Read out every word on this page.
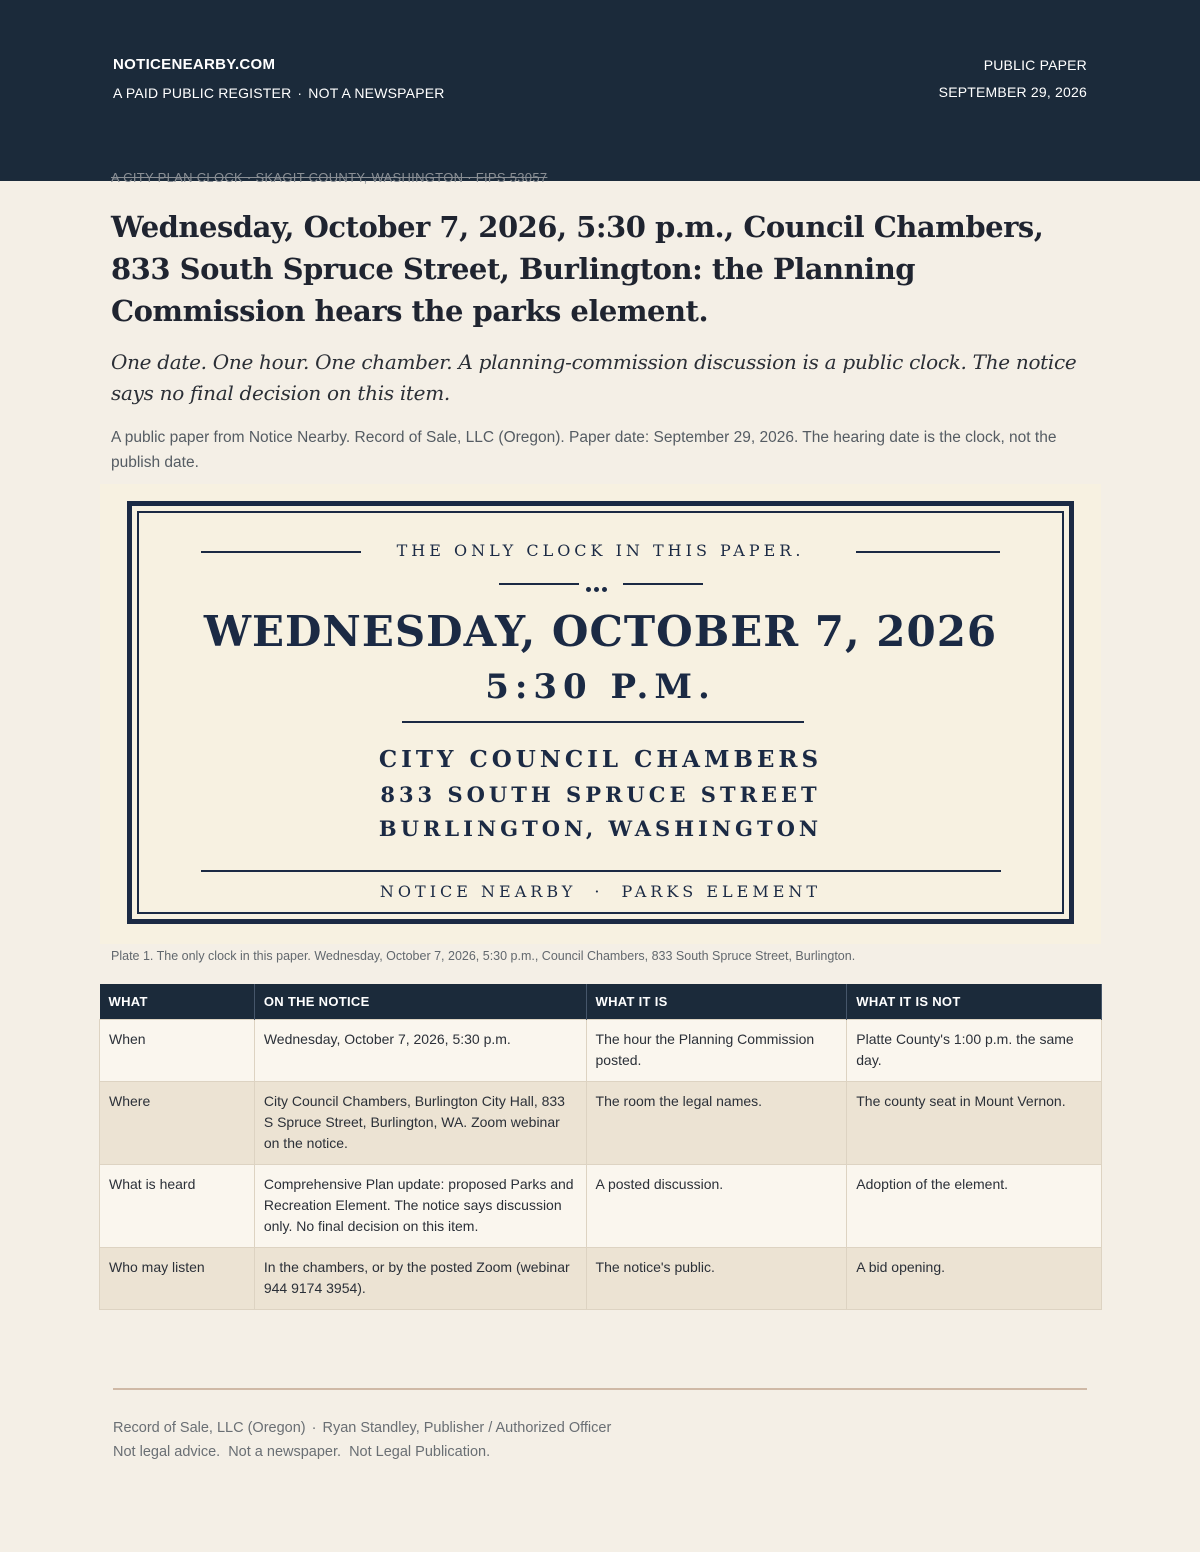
NOTICENEARBY.COM
A PAID PUBLIC REGISTER · NOT A NEWSPAPER
PUBLIC PAPER
SEPTEMBER 29, 2026
A CITY PLAN CLOCK · SKAGIT COUNTY, WASHINGTON · FIPS 53057
Wednesday, October 7, 2026, 5:30 p.m., Council Chambers, 833 South Spruce Street, Burlington: the Planning Commission hears the parks element.

One date. One hour. One chamber. A planning-commission discussion is a public clock. The notice says no final decision on this item.

A public paper from Notice Nearby. Record of Sale, LLC (Oregon). Paper date: September 29, 2026. The hearing date is the clock, not the publish date.

THE ONLY CLOCK IN THIS PAPER.
WEDNESDAY, OCTOBER 7, 2026
5:30 P.M.
CITY COUNCIL CHAMBERS
833 SOUTH SPRUCE STREET
BURLINGTON, WASHINGTON
NOTICE NEARBY · PARKS ELEMENT

Plate 1. The only clock in this paper. Wednesday, October 7, 2026, 5:30 p.m., Council Chambers, 833 South Spruce Street, Burlington.

WHAT	ON THE NOTICE	WHAT IT IS	WHAT IT IS NOT
When	Wednesday, October 7, 2026, 5:30 p.m.	The hour the Planning Commission posted.	Platte County's 1:00 p.m. the same day.
Where	City Council Chambers, Burlington City Hall, 833 S Spruce Street, Burlington, WA. Zoom webinar on the notice.	The room the legal names.	The county seat in Mount Vernon.
What is heard	Comprehensive Plan update: proposed Parks and Recreation Element. The notice says discussion only. No final decision on this item.	A posted discussion.	Adoption of the element.
Who may listen	In the chambers, or by the posted Zoom (webinar 944 9174 3954).	The notice's public.	A bid opening.
Record of Sale, LLC (Oregon) · Ryan Standley, Publisher / Authorized Officer
Not legal advice. Not a newspaper. Not Legal Publication.
